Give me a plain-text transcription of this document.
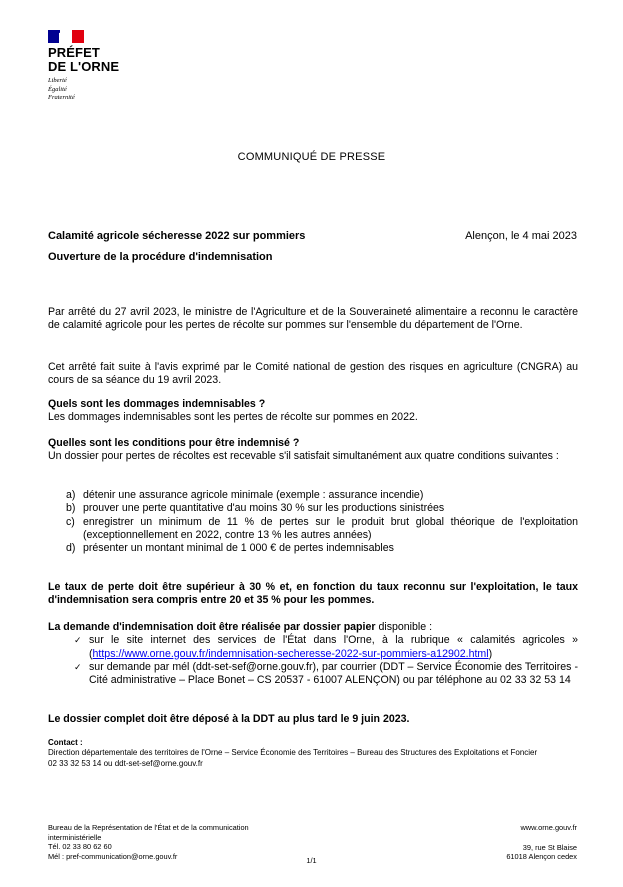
PRÉFET
DE L'ORNE
Liberté
Égalité
Fraternité
COMMUNIQUÉ DE PRESSE
Calamité agricole sécheresse 2022 sur pommiers	Alençon, le 4 mai 2023
Ouverture de la procédure d'indemnisation
Par arrêté du 27 avril 2023, le ministre de l'Agriculture et de la Souveraineté alimentaire a reconnu le caractère de calamité agricole pour les pertes de récolte sur pommes sur l'ensemble du département de l'Orne.
Cet arrêté fait suite à l'avis exprimé par le Comité national de gestion des risques en agriculture (CNGRA) au cours de sa séance du 19 avril 2023.
Quels sont les dommages indemnisables ?
Les dommages indemnisables sont les pertes de récolte sur pommes en 2022.
Quelles sont les conditions pour être indemnisé ?
Un dossier pour pertes de récoltes est recevable s'il satisfait simultanément aux quatre conditions suivantes :
a) détenir une assurance agricole minimale (exemple : assurance incendie)
b) prouver une perte quantitative d'au moins 30 % sur les productions sinistrées
c) enregistrer un minimum de 11 % de pertes sur le produit brut global théorique de l'exploitation (exceptionnellement en 2022, contre 13 % les autres années)
d) présenter un montant minimal de 1 000 € de pertes indemnisables
Le taux de perte doit être supérieur à 30 % et, en fonction du taux reconnu sur l'exploitation, le taux d'indemnisation sera compris entre 20 et 35 % pour les pommes.
La demande d'indemnisation doit être réalisée par dossier papier disponible :
✓ sur le site internet des services de l'État dans l'Orne, à la rubrique « calamités agricoles » (https://www.orne.gouv.fr/indemnisation-secheresse-2022-sur-pommiers-a12902.html)
✓ sur demande par mél (ddt-set-sef@orne.gouv.fr), par courrier (DDT – Service Économie des Territoires - Cité administrative – Place Bonet – CS 20537 - 61007 ALENÇON) ou par téléphone au 02 33 32 53 14
Le dossier complet doit être déposé à la DDT au plus tard le 9 juin 2023.
Contact :
Direction départementale des territoires de l'Orne – Service Économie des Territoires – Bureau des Structures des Exploitations et Foncier
02 33 32 53 14 ou ddt-set-sef@orne.gouv.fr
Bureau de la Représentation de l'État et de la communication interministérielle
Tél. 02 33 80 62 60
Mél : pref-communication@orne.gouv.fr	1/1
www.orne.gouv.fr
39, rue St Blaise
61018 Alençon cedex
